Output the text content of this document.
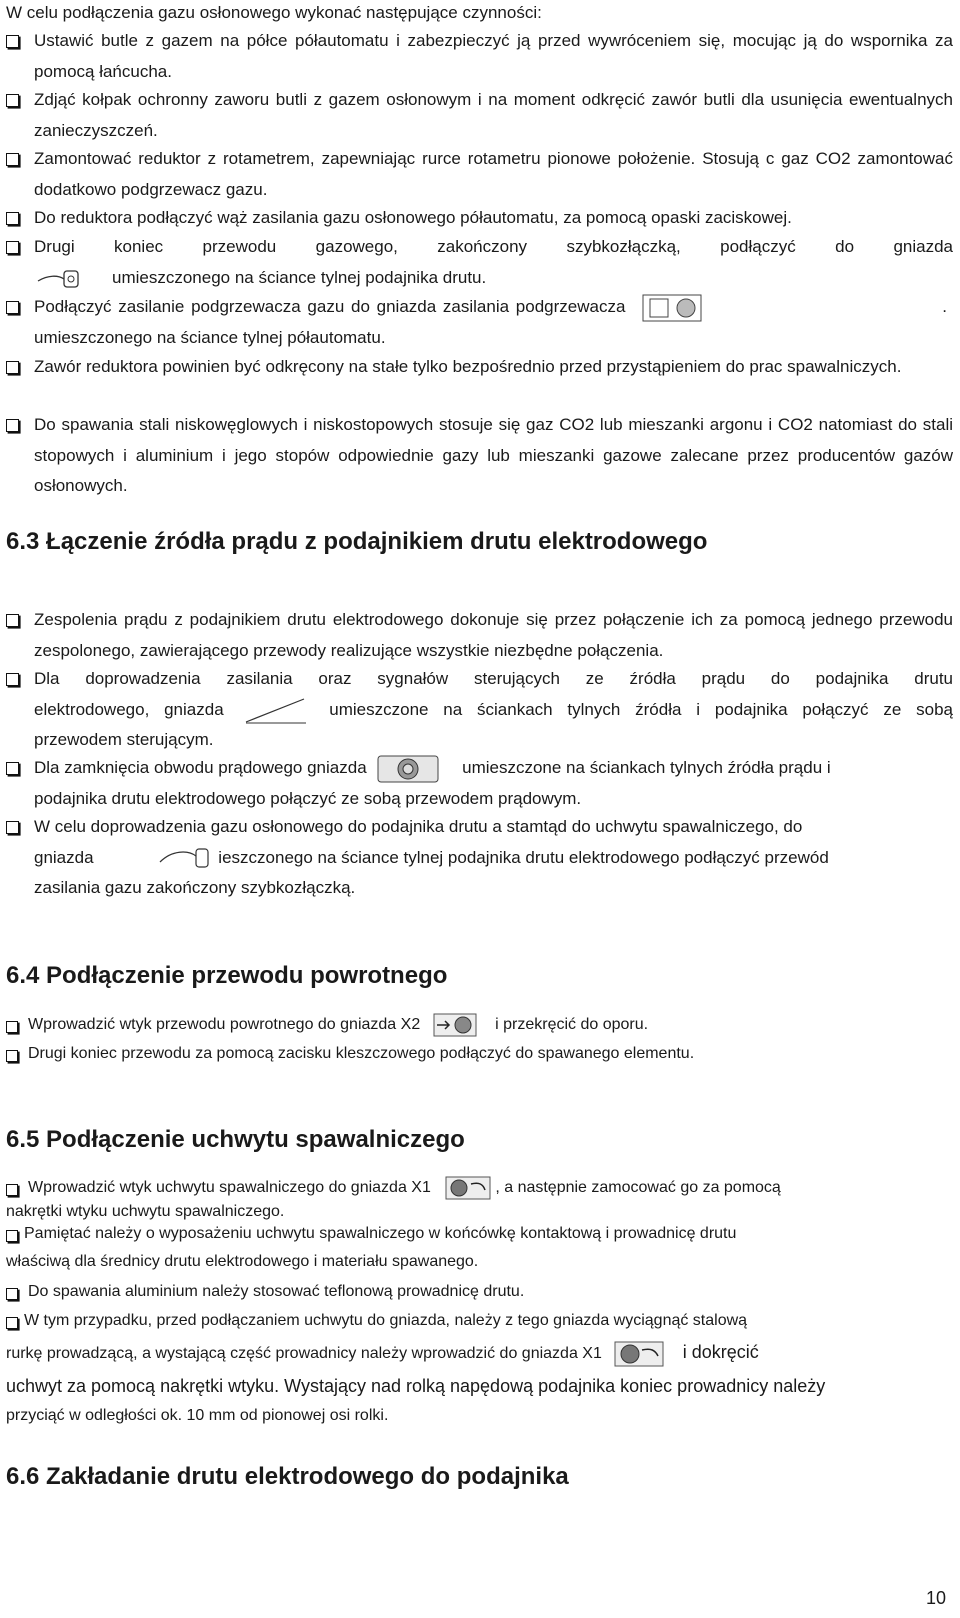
W celu podłączenia gazu osłonowego wykonać następujące czynności:

Ustawić butle z gazem na półce półautomatu i zabezpieczyć ją przed wywróceniem się, mocując ją do wspornika za pomocą łańcucha.
Zdjąć kołpak ochronny zaworu butli z gazem osłonowym i na moment odkręcić zawór butli dla usunięcia ewentualnych zanieczyszczeń.
Zamontować reduktor z rotametrem, zapewniając rurce rotametru pionowe położenie. Stosują c gaz CO2 zamontować dodatkowo podgrzewacz gazu.
Do reduktora podłączyć wąż zasilania gazu osłonowego półautomatu, za pomocą opaski zaciskowej.
Drugi koniec przewodu gazowego, zakończony szybkozłączką, podłączyć do gniazda
umieszczonego na ściance tylnej podajnika drutu.
Podłączyć zasilanie podgrzewacza gazu do gniazda zasilania podgrzewacza	.
umieszczonego na ściance tylnej półautomatu.
Zawór reduktora powinien być odkręcony na stałe tylko bezpośrednio przed przystąpieniem do prac spawalniczych.
Do spawania stali niskowęglowych i niskostopowych stosuje się gaz CO2 lub mieszanki argonu i CO2 natomiast do stali stopowych i aluminium i jego stopów odpowiednie gazy lub mieszanki gazowe zalecane przez producentów gazów osłonowych.
6.3 Łączenie źródła prądu z podajnikiem drutu elektrodowego
Zespolenia prądu z podajnikiem drutu elektrodowego dokonuje się przez połączenie ich za pomocą jednego przewodu zespolonego, zawierającego przewody realizujące wszystkie niezbędne połączenia.
Dla doprowadzenia zasilania oraz sygnałów sterujących ze źródła prądu do podajnika drutu
elektrodowego, gniazda	umieszczone na ściankach tylnych źródła i podajnika połączyć ze sobą
przewodem sterującym.
Dla zamknięcia obwodu prądowego gniazda	umieszczone na ściankach tylnych źródła prądu i
podajnika drutu elektrodowego połączyć ze sobą przewodem prądowym.
W celu doprowadzenia gazu osłonowego do podajnika drutu a stamtąd do uchwytu spawalniczego, do
gniazda	ieszczonego na ściance tylnej podajnika drutu elektrodowego podłączyć przewód
zasilania gazu zakończony szybkozłączką.
6.4 Podłączenie przewodu powrotnego
Wprowadzić wtyk przewodu powrotnego do gniazda X2	i przekręcić do oporu.
Drugi koniec przewodu za pomocą zacisku kleszczowego podłączyć do spawanego elementu.
6.5 Podłączenie uchwytu spawalniczego
Wprowadzić wtyk uchwytu spawalniczego do gniazda X1	, a następnie zamocować go za pomocą
nakrętki wtyku uchwytu spawalniczego.
Pamiętać należy o wyposażeniu uchwytu spawalniczego w końcówkę kontaktową i prowadnicę drutu
właściwą dla średnicy drutu elektrodowego i materiału spawanego.
Do spawania aluminium należy stosować teflonową prowadnicę drutu.
W tym przypadku, przed podłączaniem uchwytu do gniazda, należy z tego gniazda wyciągnąć stalową
rurkę prowadzącą, a wystającą część prowadnicy należy wprowadzić do gniazda X1	i dokręcić
uchwyt za pomocą nakrętki wtyku. Wystający nad rolką napędową podajnika koniec prowadnicy należy
przyciąć w odległości ok. 10 mm od pionowej osi rolki.
6.6 Zakładanie drutu elektrodowego do podajnika
10
